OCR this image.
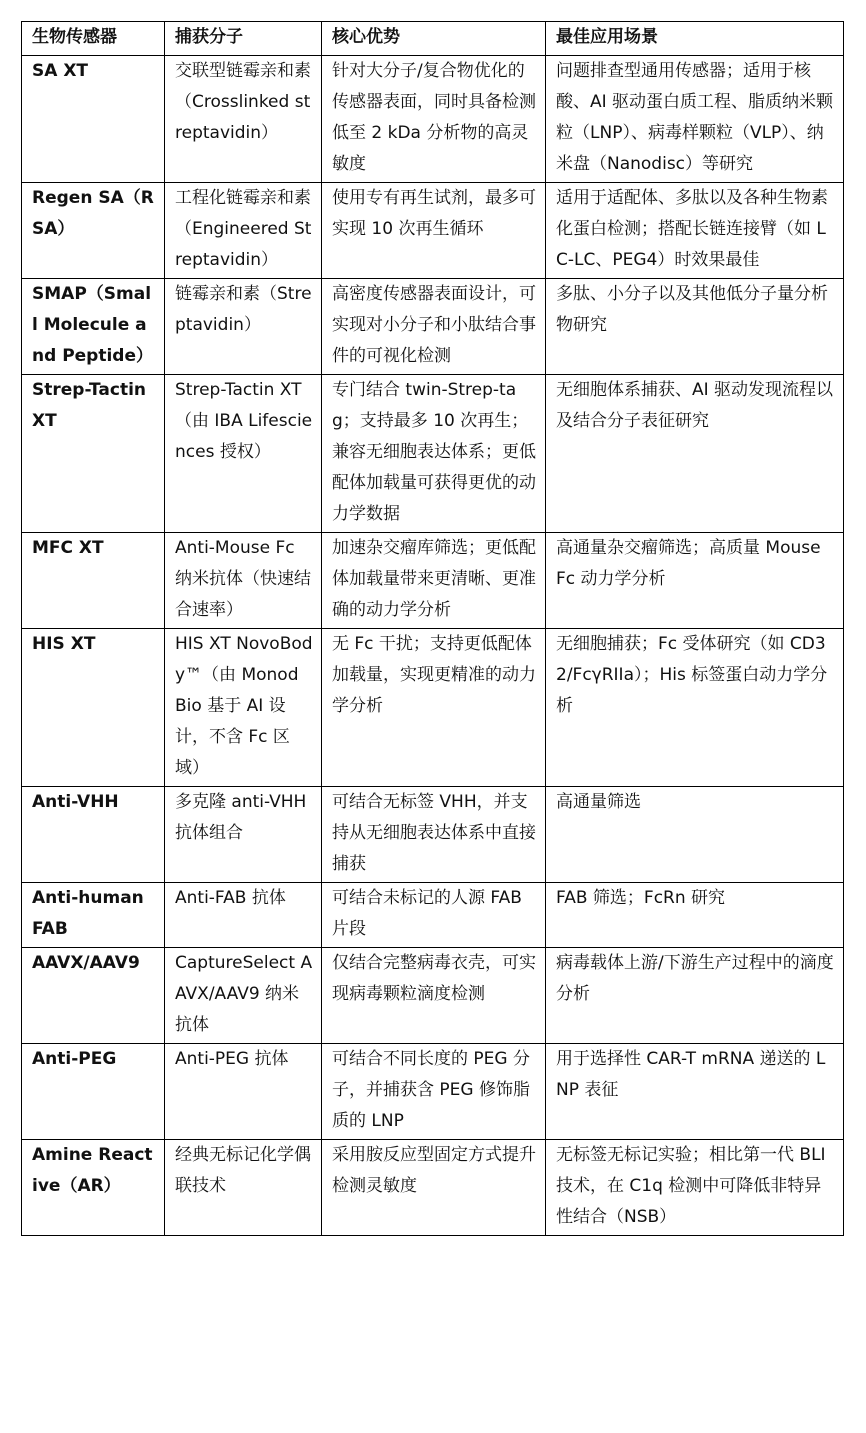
生物传感器	捕获分子	核心优势	最佳应用场景
SA XT	交联型链霉亲和素（Crosslinked streptavidin）	针对大分子/复合物优化的传感器表面，同时具备检测低至 2 kDa 分析物的高灵敏度	问题排查型通用传感器；适用于核酸、AI 驱动蛋白质工程、脂质纳米颗粒（LNP）、病毒样颗粒（VLP）、纳米盘（Nanodisc）等研究
Regen SA（RSA）	工程化链霉亲和素（Engineered Streptavidin）	使用专有再生试剂，最多可实现 10 次再生循环	适用于适配体、多肽以及各种生物素化蛋白检测；搭配长链连接臂（如 LC-LC、PEG4）时效果最佳
SMAP（Small Molecule and Peptide）	链霉亲和素（Streptavidin）	高密度传感器表面设计，可实现对小分子和小肽结合事件的可视化检测	多肽、小分子以及其他低分子量分析物研究
Strep-Tactin XT	Strep-Tactin XT（由 IBA Lifesciences 授权）	专门结合 twin-Strep-tag；支持最多 10 次再生；兼容无细胞表达体系；更低配体加载量可获得更优的动力学数据	无细胞体系捕获、AI 驱动发现流程以及结合分子表征研究
MFC XT	Anti-Mouse Fc 纳米抗体（快速结合速率）	加速杂交瘤库筛选；更低配体加载量带来更清晰、更准确的动力学分析	高通量杂交瘤筛选；高质量 Mouse Fc 动力学分析
HIS XT	HIS XT NovoBody™（由 Monod Bio 基于 AI 设计，不含 Fc 区域）	无 Fc 干扰；支持更低配体加载量，实现更精准的动力学分析	无细胞捕获；Fc 受体研究（如 CD32/FcγRIIa）；His 标签蛋白动力学分析
Anti-VHH	多克隆 anti-VHH 抗体组合	可结合无标签 VHH，并支持从无细胞表达体系中直接捕获	高通量筛选
Anti-human FAB	Anti-FAB 抗体	可结合未标记的人源 FAB 片段	FAB 筛选；FcRn 研究
AAVX/AAV9	CaptureSelect AAVX/AAV9 纳米抗体	仅结合完整病毒衣壳，可实现病毒颗粒滴度检测	病毒载体上游/下游生产过程中的滴度分析
Anti-PEG	Anti-PEG 抗体	可结合不同长度的 PEG 分子，并捕获含 PEG 修饰脂质的 LNP	用于选择性 CAR-T mRNA 递送的 LNP 表征
Amine Reactive（AR）	经典无标记化学偶联技术	采用胺反应型固定方式提升检测灵敏度	无标签无标记实验；相比第一代 BLI 技术，在 C1q 检测中可降低非特异性结合（NSB）
